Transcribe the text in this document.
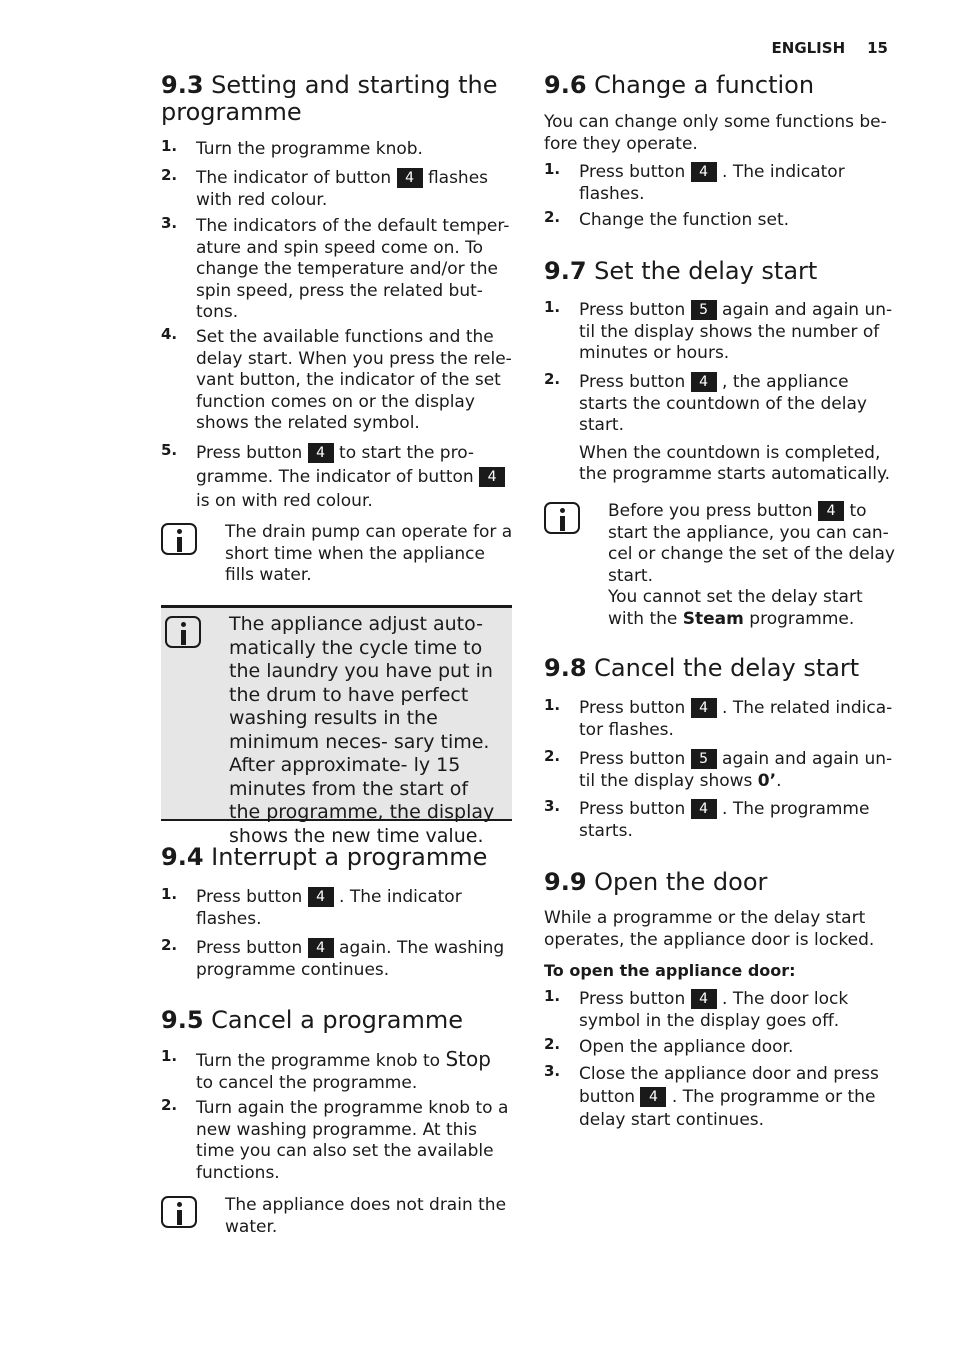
ENGLISH 15
9.3 Setting and starting the programme
1. Turn the programme knob.
2. The indicator of button 4 flashes with red colour.
3. The indicators of the default temper- ature and spin speed come on. To change the temperature and/or the spin speed, press the related but- tons.
4. Set the available functions and the delay start. When you press the rele- vant button, the indicator of the set function comes on or the display shows the related symbol.
5. Press button 4 to start the pro- gramme. The indicator of button 4 is on with red colour.
The drain pump can operate for a short time when the appliance fills water.
The appliance adjust auto- matically the cycle time to the laundry you have put in the drum to have perfect washing results in the minimum neces- sary time. After approximate- ly 15 minutes from the start of the programme, the display shows the new time value.
9.4 Interrupt a programme
1. Press button 4 . The indicator flashes.
2. Press button 4 again. The washing programme continues.
9.5 Cancel a programme
1. Turn the programme knob to Stop to cancel the programme.
2. Turn again the programme knob to a new washing programme. At this time you can also set the available functions.
The appliance does not drain the water.
9.6 Change a function
You can change only some functions be- fore they operate.
1. Press button 4 . The indicator flashes.
2. Change the function set.
9.7 Set the delay start
1. Press button 5 again and again un- til the display shows the number of minutes or hours.
2. Press button 4 , the appliance starts the countdown of the delay start.
When the countdown is completed, the programme starts automatically.
Before you press button 4 to start the appliance, you can can- cel or change the set of the delay start.
You cannot set the delay start with the Steam programme.
9.8 Cancel the delay start
1. Press button 4 . The related indica- tor flashes.
2. Press button 5 again and again un- til the display shows 0’.
3. Press button 4 . The programme starts.
9.9 Open the door
While a programme or the delay start operates, the appliance door is locked.
To open the appliance door:
1. Press button 4 . The door lock symbol in the display goes off.
2. Open the appliance door.
3. Close the appliance door and press button 4 . The programme or the delay start continues.
